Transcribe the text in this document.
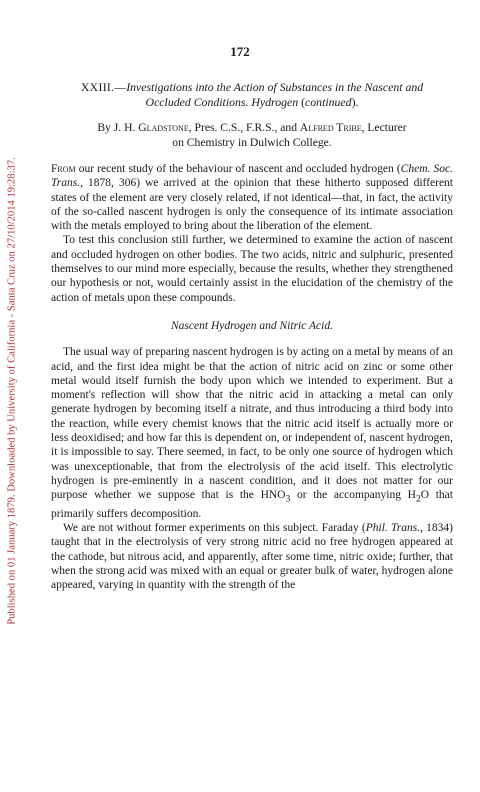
Published on 01 January 1879. Downloaded by University of California - Santa Cruz on 27/10/2014 19:28:37.
172
XXIII.—Investigations into the Action of Substances in the Nascent and
Occluded Conditions. Hydrogen (continued).
By J. H. Gladstone, Pres. C.S., F.R.S., and Alfred Tribe, Lecturer
on Chemistry in Dulwich College.

From our recent study of the behaviour of nascent and occluded hydrogen (Chem. Soc. Trans., 1878, 306) we arrived at the opinion that these hitherto supposed different states of the element are very closely related, if not identical—that, in fact, the activity of the so-called nascent hydrogen is only the consequence of its intimate association with the metals employed to bring about the liberation of the element.

To test this conclusion still further, we determined to examine the action of nascent and occluded hydrogen on other bodies. The two acids, nitric and sulphuric, presented themselves to our mind more especially, because the results, whether they strengthened our hypothesis or not, would certainly assist in the elucidation of the chemistry of the action of metals upon these compounds.

Nascent Hydrogen and Nitric Acid.

The usual way of preparing nascent hydrogen is by acting on a metal by means of an acid, and the first idea might be that the action of nitric acid on zinc or some other metal would itself furnish the body upon which we intended to experiment. But a moment's reflection will show that the nitric acid in attacking a metal can only generate hydrogen by becoming itself a nitrate, and thus introducing a third body into the reaction, while every chemist knows that the nitric acid itself is actually more or less deoxidised; and how far this is dependent on, or independent of, nascent hydrogen, it is impossible to say. There seemed, in fact, to be only one source of hydrogen which was unexceptionable, that from the electrolysis of the acid itself. This electrolytic hydrogen is pre-eminently in a nascent condition, and it does not matter for our purpose whether we suppose that is the $HNO_3$ or the accompanying $H_2O$ that primarily suffers decomposition.

We are not without former experiments on this subject. Faraday (Phil. Trans., 1834) taught that in the electrolysis of very strong nitric acid no free hydrogen appeared at the cathode, but nitrous acid, and apparently, after some time, nitric oxide; further, that when the strong acid was mixed with an equal or greater bulk of water, hydrogen alone appeared, varying in quantity with the strength of the
